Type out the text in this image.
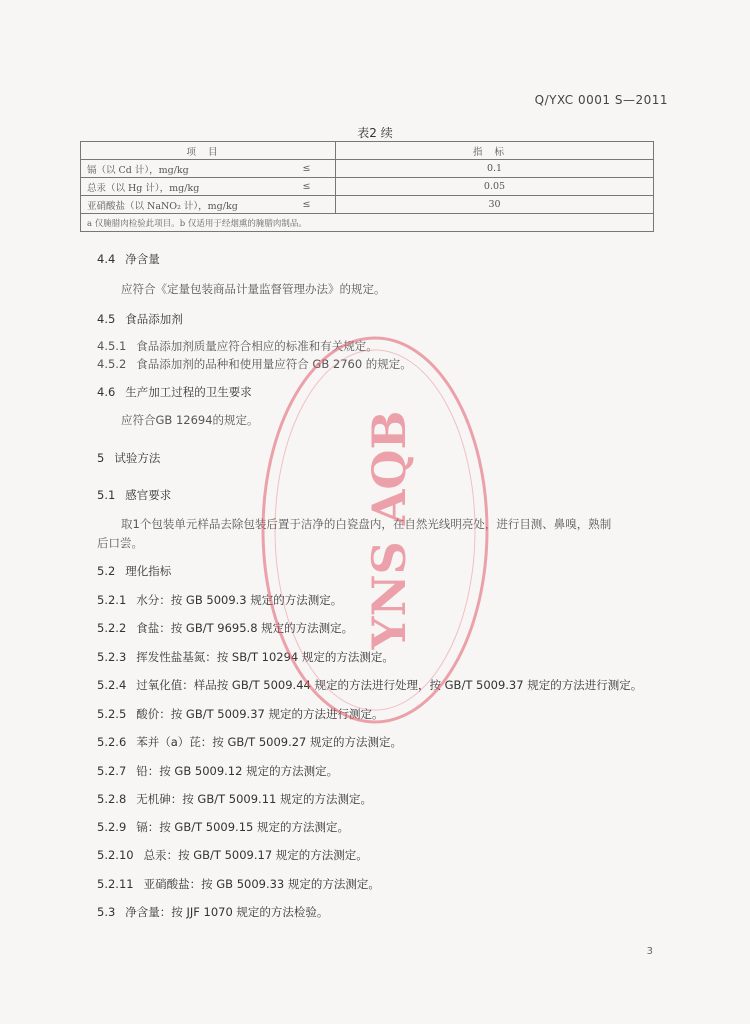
Q/YXC 0001 S—2011
表2 续
项目		指标
镉（以 Cd 计），mg/kg	≤	0.1
总汞（以 Hg 计），mg/kg	≤	0.05
亚硝酸盐（以 NaNO₂ 计），mg/kg	≤	30
a 仅腌腊肉检验此项目。b 仅适用于经烟熏的腌腊肉制品。		
4.4 净含量
应符合《定量包装商品计量监督管理办法》的规定。
4.5 食品添加剂
4.5.1 食品添加剂质量应符合相应的标准和有关规定。
4.5.2 食品添加剂的品种和使用量应符合 GB 2760 的规定。
4.6 生产加工过程的卫生要求
应符合GB 12694的规定。
5 试验方法
5.1 感官要求
取1个包装单元样品去除包装后置于洁净的白瓷盘内，在自然光线明亮处，进行目测、鼻嗅，熟制
后口尝。
5.2 理化指标
5.2.1 水分：按 GB 5009.3 规定的方法测定。
5.2.2 食盐：按 GB/T 9695.8 规定的方法测定。
5.2.3 挥发性盐基氮：按 SB/T 10294 规定的方法测定。
5.2.4 过氧化值：样品按 GB/T 5009.44 规定的方法进行处理，按 GB/T 5009.37 规定的方法进行测定。
5.2.5 酸价：按 GB/T 5009.37 规定的方法进行测定。
5.2.6 苯并（a）芘：按 GB/T 5009.27 规定的方法测定。
5.2.7 铅：按 GB 5009.12 规定的方法测定。
5.2.8 无机砷：按 GB/T 5009.11 规定的方法测定。
5.2.9 镉：按 GB/T 5009.15 规定的方法测定。
5.2.10 总汞：按 GB/T 5009.17 规定的方法测定。
5.2.11 亚硝酸盐：按 GB 5009.33 规定的方法测定。
5.3 净含量：按 JJF 1070 规定的方法检验。
YNS AQB
3
